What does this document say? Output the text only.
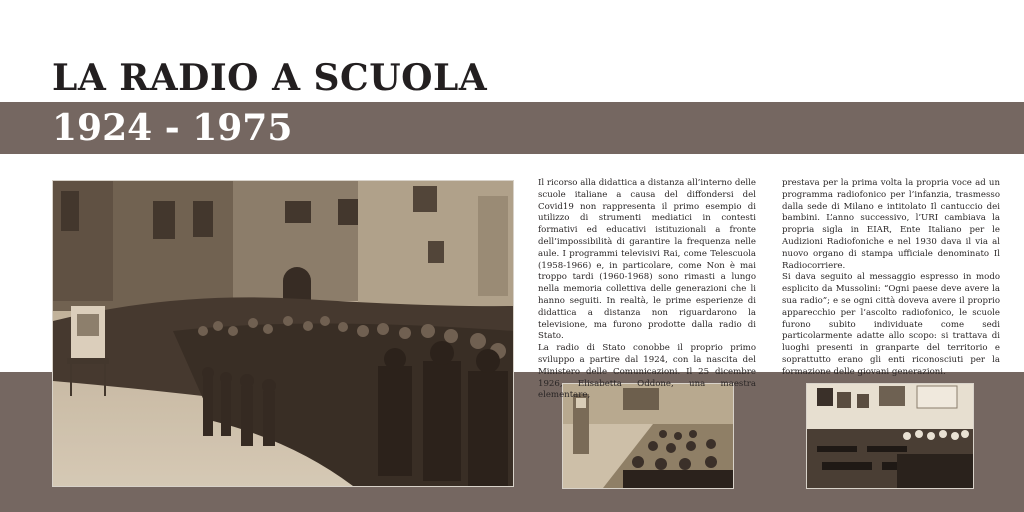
LA RADIO A SCUOLA
1924 - 1975

Il ricorso alla didattica a distanza all’interno delle scuole italiane a causa del diffondersi del Covid19 non rappresenta il primo esempio di utilizzo di strumenti mediatici in contesti formativi ed educativi istituzionali a fronte dell’impossibilità di garantire la frequenza nelle aule. I programmi televisivi Rai, come Telescuola (1958-1966) e, in particolare, come Non è mai troppo tardi (1960-1968) sono rimasti a lungo nella memoria collettiva delle generazioni che li hanno seguiti. In realtà, le prime esperienze di didattica a distanza non riguardarono la televisione, ma furono prodotte dalla radio di Stato.

La radio di Stato conobbe il proprio primo sviluppo a partire dal 1924, con la nascita del Ministero delle Comunicazioni. Il 25 dicembre 1926, Elisabetta Oddone, una maestra elementare,

prestava per la prima volta la propria voce ad un programma radiofonico per l’infanzia, trasmesso dalla sede di Milano e intitolato Il cantuccio dei bambini. L’anno successivo, l’URI cambiava la propria sigla in EIAR, Ente Italiano per le Audizioni Radiofoniche e nel 1930 dava il via al nuovo organo di stampa ufficiale denominato Il Radiocorriere.

Si dava seguito al messaggio espresso in modo esplicito da Mussolini: “Ogni paese deve avere la sua radio”; e se ogni città doveva avere il proprio apparecchio per l’ascolto radiofonico, le scuole furono subito individuate come sedi particolarmente adatte allo scopo: si trattava di luoghi presenti in granparte del territorio e soprattutto erano gli enti riconosciuti per la formazione delle giovani generazioni.
